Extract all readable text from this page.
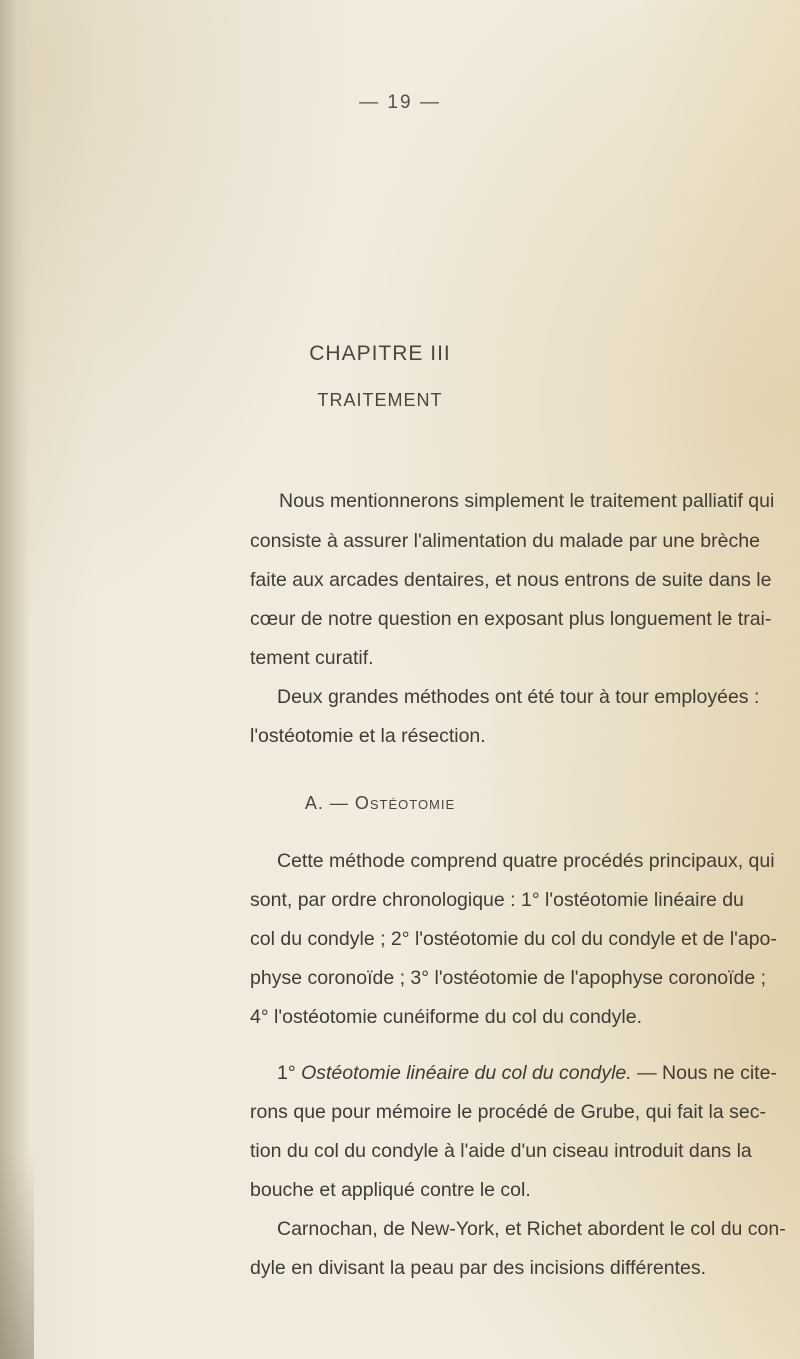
— 19 —
CHAPITRE III
TRAITEMENT
Nous mentionnerons simplement le traitement palliatif qui
consiste à assurer l'alimentation du malade par une brèche
faite aux arcades dentaires, et nous entrons de suite dans le
cœur de notre question en exposant plus longuement le trai-
tement curatif.
Deux grandes méthodes ont été tour à tour employées :
l'ostéotomie et la résection.
A. — Ostéotomie
Cette méthode comprend quatre procédés principaux, qui
sont, par ordre chronologique : 1° l'ostéotomie linéaire du
col du condyle ; 2° l'ostéotomie du col du condyle et de l'apo-
physe coronoïde ; 3° l'ostéotomie de l'apophyse coronoïde ;
4° l'ostéotomie cunéiforme du col du condyle.
1° Ostéotomie linéaire du col du condyle. — Nous ne cite-
rons que pour mémoire le procédé de Grube, qui fait la sec-
tion du col du condyle à l'aide d'un ciseau introduit dans la
bouche et appliqué contre le col.
Carnochan, de New-York, et Richet abordent le col du con-
dyle en divisant la peau par des incisions différentes.
